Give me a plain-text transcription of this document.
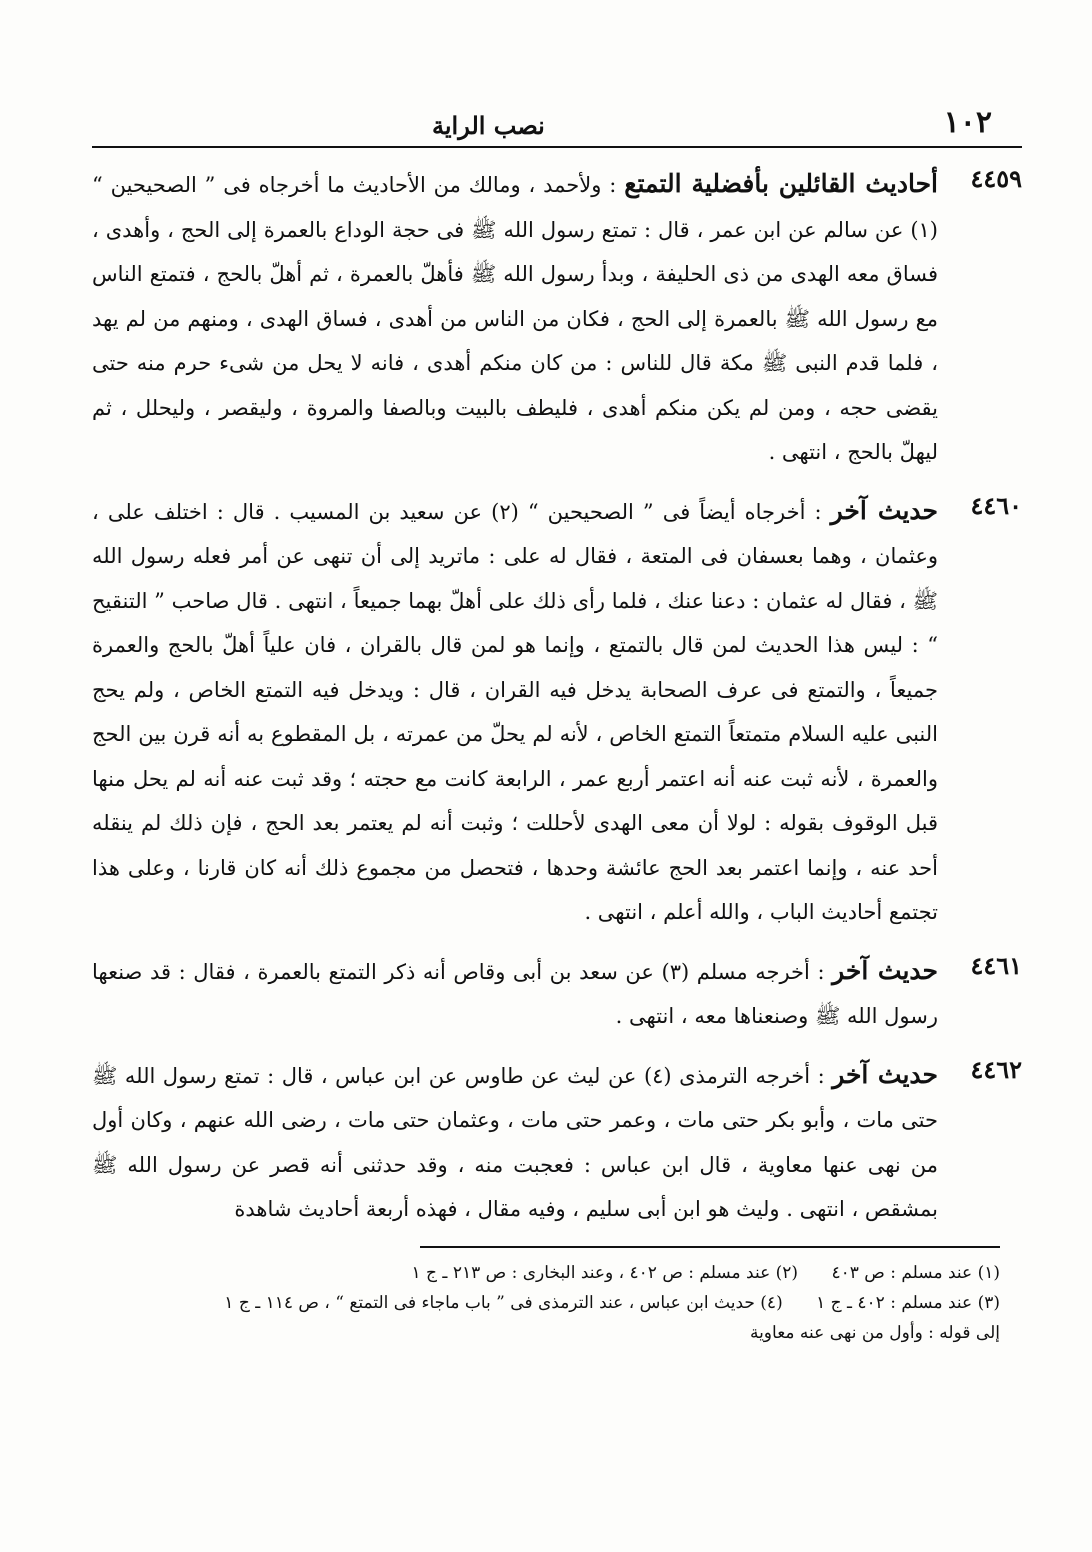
١٠٢
نصب الراية
٤٤٥٩

أحاديث القائلين بأفضلية التمتع : ولأحمد ، ومالك من الأحاديث ما أخرجاه فى ” الصحيحين “ (١) عن سالم عن ابن عمر ، قال : تمتع رسول الله ﷺ فى حجة الوداع بالعمرة إلى الحج ، وأهدى ، فساق معه الهدى من ذى الحليفة ، وبدأ رسول الله ﷺ فأهلّ بالعمرة ، ثم أهلّ بالحج ، فتمتع الناس مع رسول الله ﷺ بالعمرة إلى الحج ، فكان من الناس من أهدى ، فساق الهدى ، ومنهم من لم يهد ، فلما قدم النبى ﷺ مكة قال للناس : من كان منكم أهدى ، فانه لا يحل من شىء حرم منه حتى يقضى حجه ، ومن لم يكن منكم أهدى ، فليطف بالبيت وبالصفا والمروة ، وليقصر ، وليحلل ، ثم ليهلّ بالحج ، انتهى .

٤٤٦٠

حديث آخر : أخرجاه أيضاً فى ” الصحيحين “ (٢) عن سعيد بن المسيب . قال : اختلف على ، وعثمان ، وهما بعسفان فى المتعة ، فقال له على : ماتريد إلى أن تنهى عن أمر فعله رسول الله ﷺ ، فقال له عثمان : دعنا عنك ، فلما رأى ذلك على أهلّ بهما جميعاً ، انتهى . قال صاحب ” التنقيح “ : ليس هذا الحديث لمن قال بالتمتع ، وإنما هو لمن قال بالقران ، فان علياً أهلّ بالحج والعمرة جميعاً ، والتمتع فى عرف الصحابة يدخل فيه القران ، قال : ويدخل فيه التمتع الخاص ، ولم يحج النبى عليه السلام متمتعاً التمتع الخاص ، لأنه لم يحلّ من عمرته ، بل المقطوع به أنه قرن بين الحج والعمرة ، لأنه ثبت عنه أنه اعتمر أربع عمر ، الرابعة كانت مع حجته ؛ وقد ثبت عنه أنه لم يحل منها قبل الوقوف بقوله : لولا أن معى الهدى لأحللت ؛ وثبت أنه لم يعتمر بعد الحج ، فإن ذلك لم ينقله أحد عنه ، وإنما اعتمر بعد الحج عائشة وحدها ، فتحصل من مجموع ذلك أنه كان قارنا ، وعلى هذا تجتمع أحاديث الباب ، والله أعلم ، انتهى .

٤٤٦١

حديث آخر : أخرجه مسلم (٣) عن سعد بن أبى وقاص أنه ذكر التمتع بالعمرة ، فقال : قد صنعها رسول الله ﷺ وصنعناها معه ، انتهى .

٤٤٦٢

حديث آخر : أخرجه الترمذى (٤) عن ليث عن طاوس عن ابن عباس ، قال : تمتع رسول الله ﷺ حتى مات ، وأبو بكر حتى مات ، وعمر حتى مات ، وعثمان حتى مات ، رضى الله عنهم ، وكان أول من نهى عنها معاوية ، قال ابن عباس : فعجبت منه ، وقد حدثنى أنه قصر عن رسول الله ﷺ بمشقص ، انتهى . وليث هو ابن أبى سليم ، وفيه مقال ، فهذه أربعة أحاديث شاهدة

(١) عند مسلم : ص ٤٠٣ (٢) عند مسلم : ص ٤٠٢ ، وعند البخارى : ص ٢١٣ ـ ج ١

(٣) عند مسلم : ٤٠٢ ـ ج ١ (٤) حديث ابن عباس ، عند الترمذى فى ” باب ماجاء فى التمتع “ ، ص ١١٤ ـ ج ١

إلى قوله : وأول من نهى عنه معاوية
